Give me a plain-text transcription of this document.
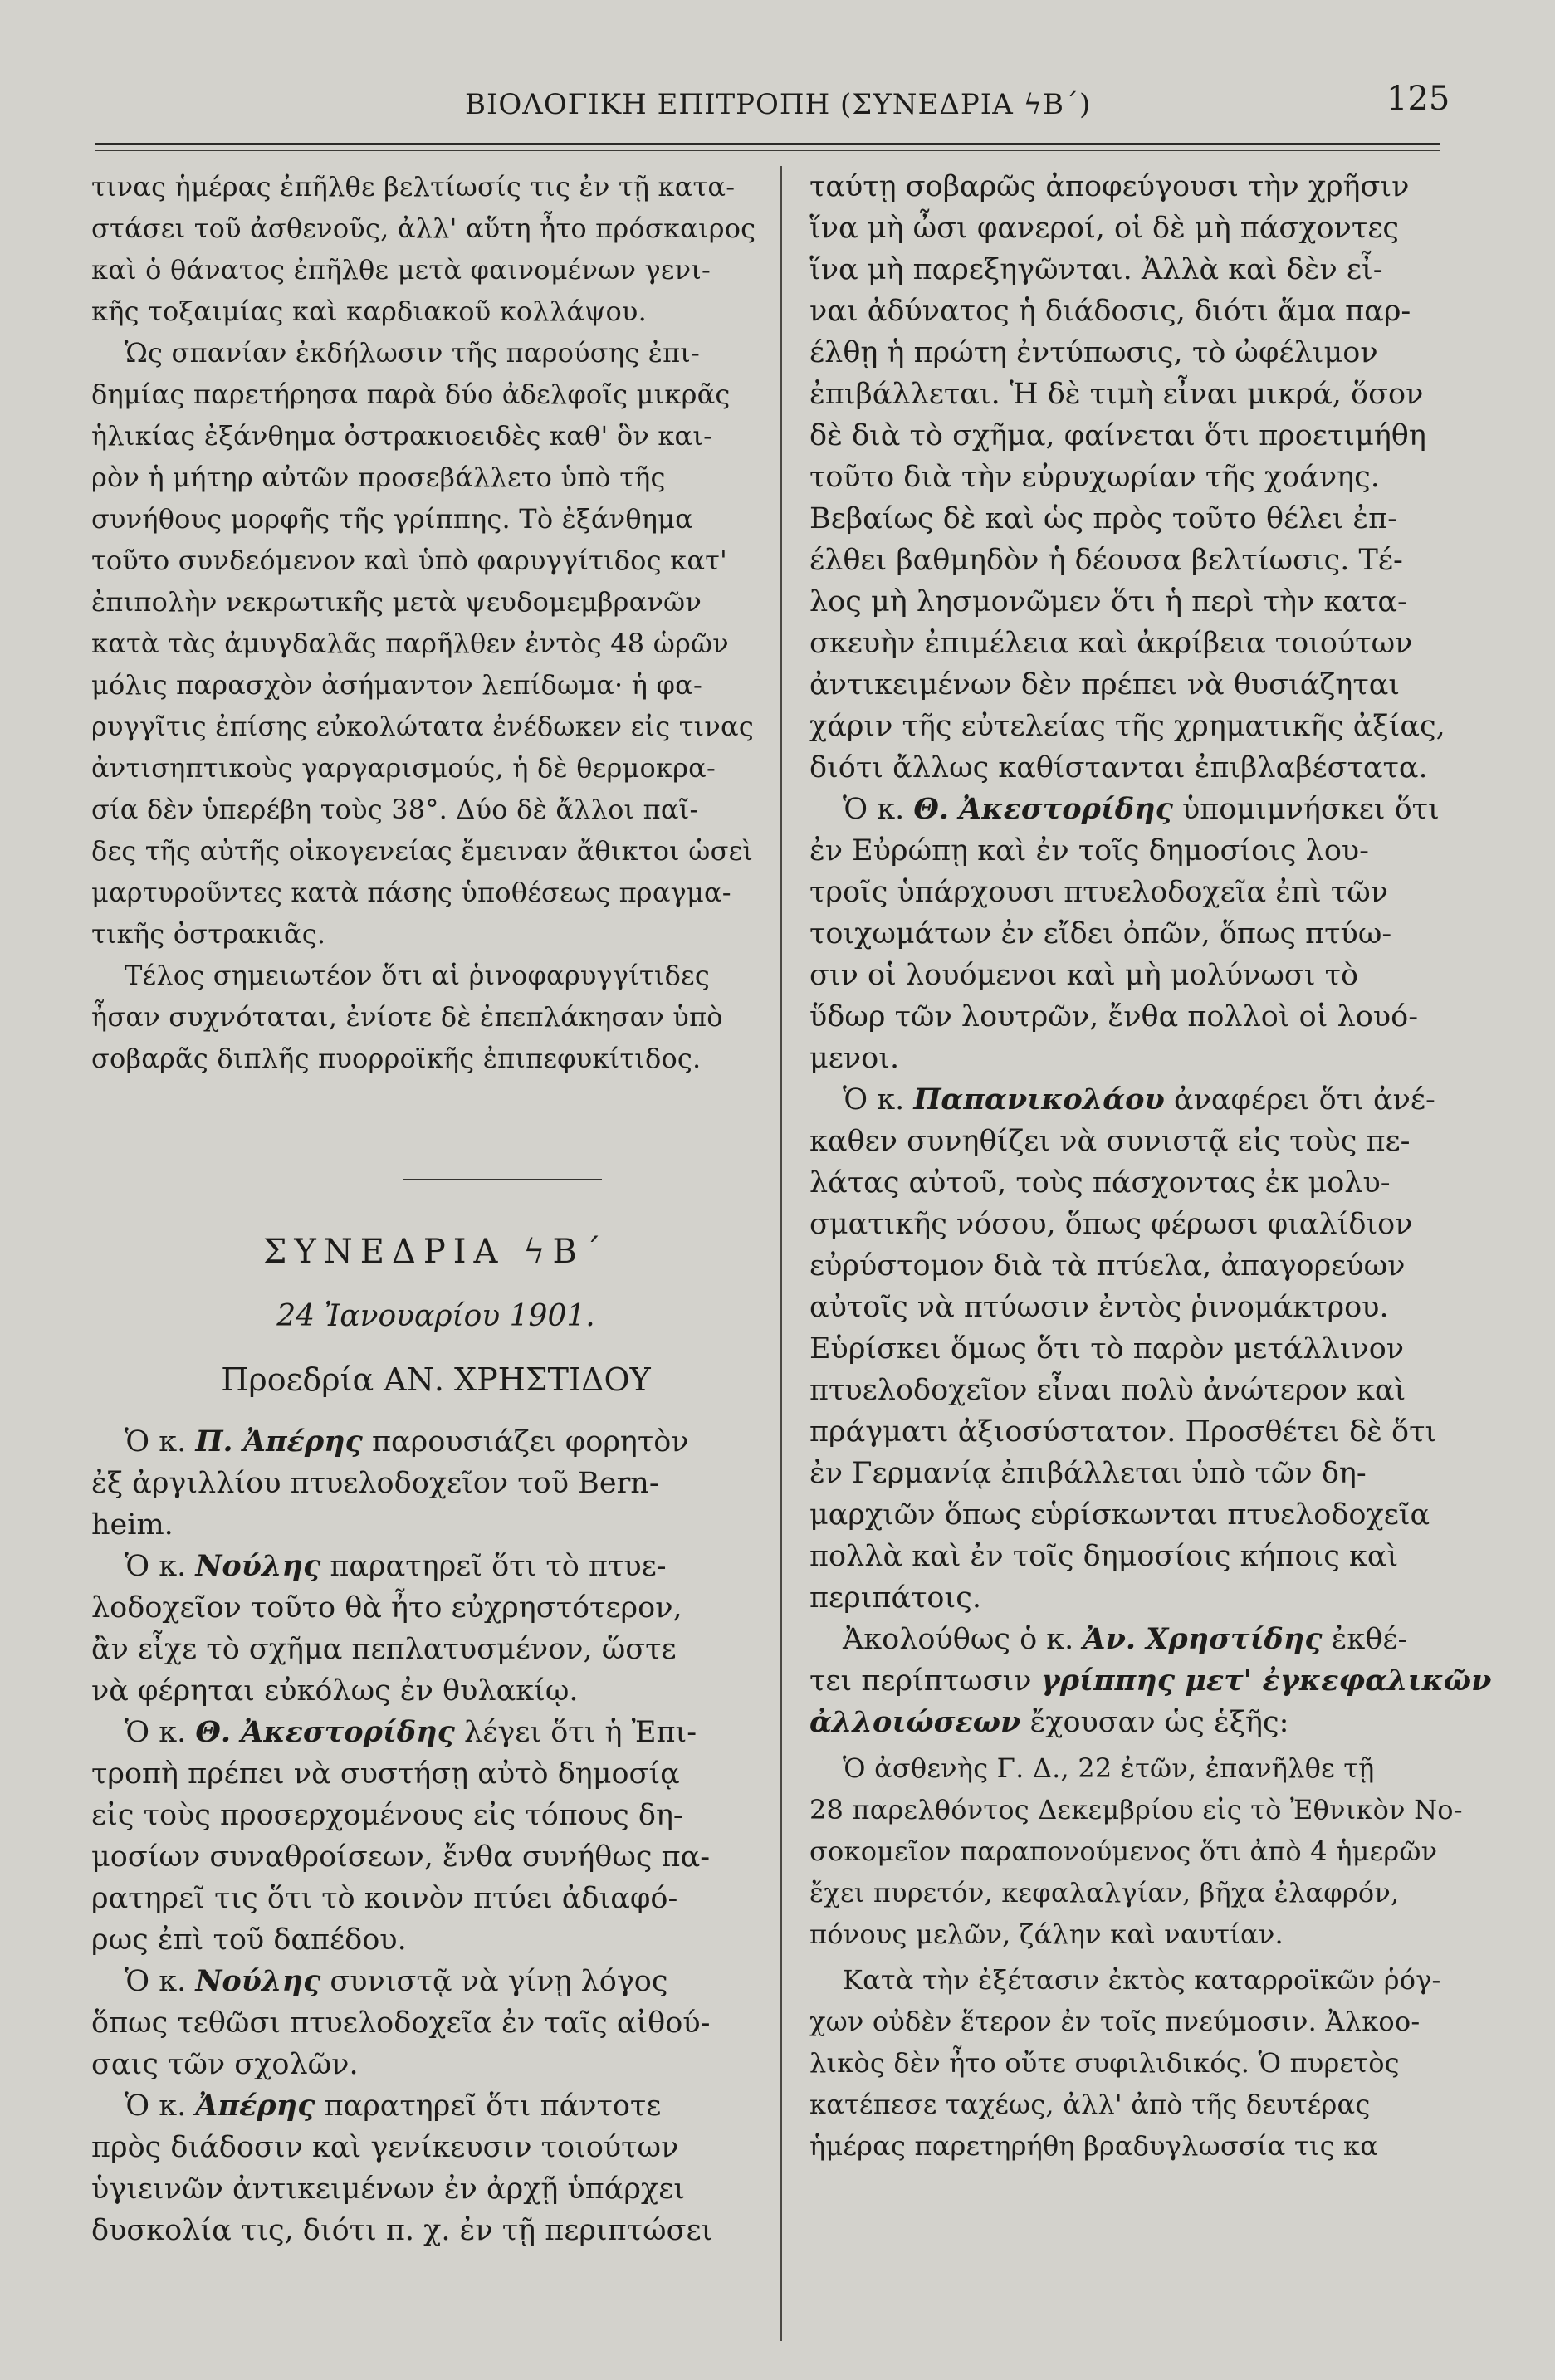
ΒΙΟΛΟΓΙΚΗ ΕΠΙΤΡΟΠΗ (ΣΥΝΕΔΡΙΑ ϟΒ΄)	125
τινας ἡμέρας ἐπῆλθε βελτίωσίς τις ἐν τῇ κατα-
στάσει τοῦ ἀσθενοῦς, ἀλλ' αὕτη ἦτο πρόσκαιρος
καὶ ὁ θάνατος ἐπῆλθε μετὰ φαινομένων γενι-
κῆς τοξαιμίας καὶ καρδιακοῦ κολλάψου.
Ὡς σπανίαν ἐκδήλωσιν τῆς παρούσης ἐπι-
δημίας παρετήρησα παρὰ δύο ἀδελφοῖς μικρᾶς
ἡλικίας ἐξάνθημα ὀστρακιοειδὲς καθ' ὃν και-
ρὸν ἡ μήτηρ αὐτῶν προσεβάλλετο ὑπὸ τῆς
συνήθους μορφῆς τῆς γρίππης. Τὸ ἐξάνθημα
τοῦτο συνδεόμενον καὶ ὑπὸ φαρυγγίτιδος κατ'
ἐπιπολὴν νεκρωτικῆς μετὰ ψευδομεμβρανῶν
κατὰ τὰς ἀμυγδαλᾶς παρῆλθεν ἐντὸς 48 ὡρῶν
μόλις παρασχὸν ἀσήμαντον λεπίδωμα· ἡ φα-
ρυγγῖτις ἐπίσης εὐκολώτατα ἐνέδωκεν εἰς τινας
ἀντισηπτικοὺς γαργαρισμούς, ἡ δὲ θερμοκρα-
σία δὲν ὑπερέβη τοὺς 38°. Δύο δὲ ἄλλοι παῖ-
δες τῆς αὐτῆς οἰκογενείας ἔμειναν ἄθικτοι ὡσεὶ
μαρτυροῦντες κατὰ πάσης ὑποθέσεως πραγμα-
τικῆς ὀστρακιᾶς.
Τέλος σημειωτέον ὅτι αἱ ῥινοφαρυγγίτιδες
ἦσαν συχνόταται, ἐνίοτε δὲ ἐπεπλάκησαν ὑπὸ
σοβαρᾶς διπλῆς πυορροϊκῆς ἐπιπεφυκίτιδος.
ΣΥΝΕΔΡΙΑ ϟΒ΄
24 Ἰανουαρίου 1901.
Προεδρία ΑΝ. ΧΡΗΣΤΙΔΟΥ
Ὁ κ. Π. Ἀπέρης παρουσιάζει φορητὸν
ἐξ ἀργιλλίου πτυελοδοχεῖον τοῦ Bern-
heim.
Ὁ κ. Νούλης παρατηρεῖ ὅτι τὸ πτυε-
λοδοχεῖον τοῦτο θὰ ἦτο εὐχρηστότερον,
ἂν εἶχε τὸ σχῆμα πεπλατυσμένον, ὥστε
νὰ φέρηται εὐκόλως ἐν θυλακίῳ.
Ὁ κ. Θ. Ἀκεστορίδης λέγει ὅτι ἡ Ἐπι-
τροπὴ πρέπει νὰ συστήσῃ αὐτὸ δημοσίᾳ
εἰς τοὺς προσερχομένους εἰς τόπους δη-
μοσίων συναθροίσεων, ἔνθα συνήθως πα-
ρατηρεῖ τις ὅτι τὸ κοινὸν πτύει ἀδιαφό-
ρως ἐπὶ τοῦ δαπέδου.
Ὁ κ. Νούλης συνιστᾷ νὰ γίνῃ λόγος
ὅπως τεθῶσι πτυελοδοχεῖα ἐν ταῖς αἰθού-
σαις τῶν σχολῶν.
Ὁ κ. Ἀπέρης παρατηρεῖ ὅτι πάντοτε
πρὸς διάδοσιν καὶ γενίκευσιν τοιούτων
ὑγιεινῶν ἀντικειμένων ἐν ἀρχῇ ὑπάρχει
δυσκολία τις, διότι π. χ. ἐν τῇ περιπτώσει
ταύτῃ σοβαρῶς ἀποφεύγουσι τὴν χρῆσιν
ἵνα μὴ ὦσι φανεροί, οἱ δὲ μὴ πάσχοντες
ἵνα μὴ παρεξηγῶνται. Ἀλλὰ καὶ δὲν εἶ-
ναι ἀδύνατος ἡ διάδοσις, διότι ἅμα παρ-
έλθῃ ἡ πρώτη ἐντύπωσις, τὸ ὠφέλιμον
ἐπιβάλλεται. Ἡ δὲ τιμὴ εἶναι μικρά, ὅσον
δὲ διὰ τὸ σχῆμα, φαίνεται ὅτι προετιμήθη
τοῦτο διὰ τὴν εὐρυχωρίαν τῆς χοάνης.
Βεβαίως δὲ καὶ ὡς πρὸς τοῦτο θέλει ἐπ-
έλθει βαθμηδὸν ἡ δέουσα βελτίωσις. Τέ-
λος μὴ λησμονῶμεν ὅτι ἡ περὶ τὴν κατα-
σκευὴν ἐπιμέλεια καὶ ἀκρίβεια τοιούτων
ἀντικειμένων δὲν πρέπει νὰ θυσιάζηται
χάριν τῆς εὐτελείας τῆς χρηματικῆς ἀξίας,
διότι ἄλλως καθίστανται ἐπιβλαβέστατα.
Ὁ κ. Θ. Ἀκεστορίδης ὑπομιμνήσκει ὅτι
ἐν Εὐρώπῃ καὶ ἐν τοῖς δημοσίοις λου-
τροῖς ὑπάρχουσι πτυελοδοχεῖα ἐπὶ τῶν
τοιχωμάτων ἐν εἴδει ὀπῶν, ὅπως πτύω-
σιν οἱ λουόμενοι καὶ μὴ μολύνωσι τὸ
ὕδωρ τῶν λουτρῶν, ἔνθα πολλοὶ οἱ λουό-
μενοι.
Ὁ κ. Παπανικολάου ἀναφέρει ὅτι ἀνέ-
καθεν συνηθίζει νὰ συνιστᾷ εἰς τοὺς πε-
λάτας αὐτοῦ, τοὺς πάσχοντας ἐκ μολυ-
σματικῆς νόσου, ὅπως φέρωσι φιαλίδιον
εὐρύστομον διὰ τὰ πτύελα, ἀπαγορεύων
αὐτοῖς νὰ πτύωσιν ἐντὸς ῥινομάκτρου.
Εὑρίσκει ὅμως ὅτι τὸ παρὸν μετάλλινον
πτυελοδοχεῖον εἶναι πολὺ ἀνώτερον καὶ
πράγματι ἀξιοσύστατον. Προσθέτει δὲ ὅτι
ἐν Γερμανίᾳ ἐπιβάλλεται ὑπὸ τῶν δη-
μαρχιῶν ὅπως εὑρίσκωνται πτυελοδοχεῖα
πολλὰ καὶ ἐν τοῖς δημοσίοις κήποις καὶ
περιπάτοις.
Ἀκολούθως ὁ κ. Ἀν. Χρηστίδης ἐκθέ-
τει περίπτωσιν γρίππης μετ' ἐγκεφαλικῶν
ἀλλοιώσεων ἔχουσαν ὡς ἑξῆς:
Ὁ ἀσθενὴς Γ. Δ., 22 ἐτῶν, ἐπανῆλθε τῇ
28 παρελθόντος Δεκεμβρίου εἰς τὸ Ἐθνικὸν Νο-
σοκομεῖον παραπονούμενος ὅτι ἀπὸ 4 ἡμερῶν
ἔχει πυρετόν, κεφαλαλγίαν, βῆχα ἐλαφρόν,
πόνους μελῶν, ζάλην καὶ ναυτίαν.
Κατὰ τὴν ἐξέτασιν ἐκτὸς καταρροϊκῶν ῥόγ-
χων οὐδὲν ἕτερον ἐν τοῖς πνεύμοσιν. Ἀλκοο-
λικὸς δὲν ἦτο οὔτε συφιλιδικός. Ὁ πυρετὸς
κατέπεσε ταχέως, ἀλλ' ἀπὸ τῆς δευτέρας
ἡμέρας παρετηρήθη βραδυγλωσσία τις κα
